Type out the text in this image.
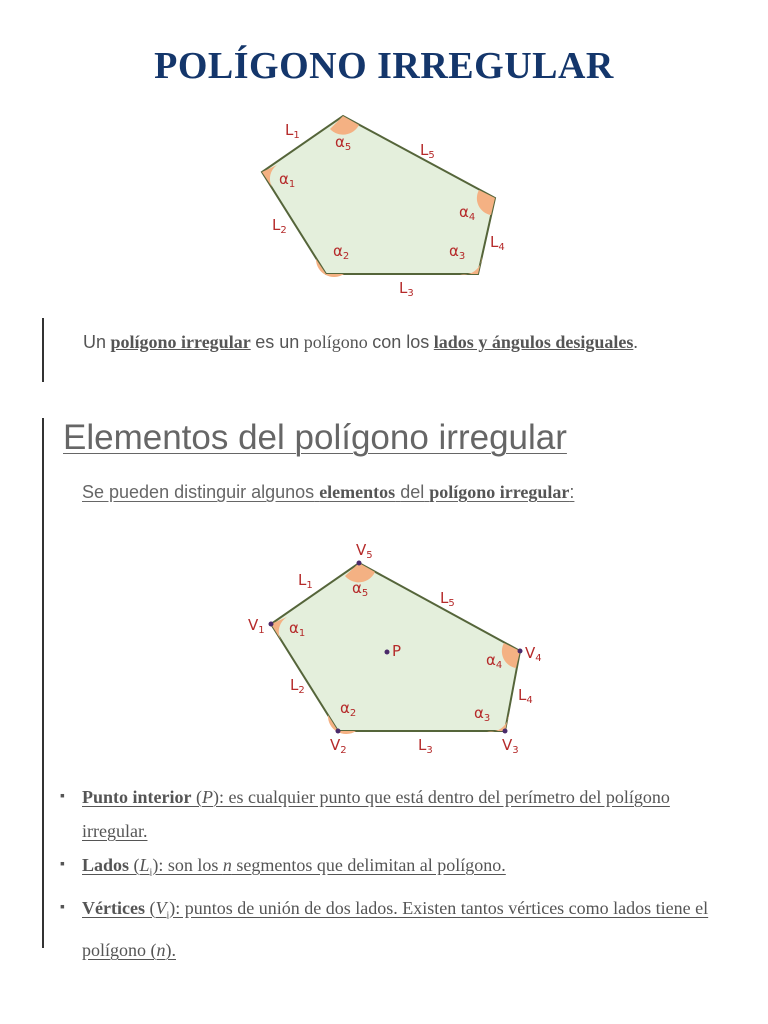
POLÍGONO IRREGULAR
$L_1$
$L_5$
$L_2$
$L_4$
$L_3$
$\alpha_5$
$\alpha_1$
$\alpha_4$
$\alpha_2$	$\alpha_3$
Un polígono irregular es un polígono con los lados y ángulos desiguales.
Elementos del polígono irregular
Se pueden distinguir algunos elementos del polígono irregular:
$V_5$
$V_1$
$V_4$
$V_2$	$V_3$
$L_1$
$L_5$
$L_2$	$L_4$
$L_3$
$\alpha_5$
$\alpha_1$
$\alpha_4$
$\alpha_2$	$\alpha_3$
P
▪ Punto interior (P): es cualquier punto que está dentro del perímetro del polígono irregular.
▪ Lados $(L_i)$: son los n segmentos que delimitan al polígono.
▪ Vértices $(V_i)$: puntos de unión de dos lados. Existen tantos vértices como lados tiene el polígono (n).
